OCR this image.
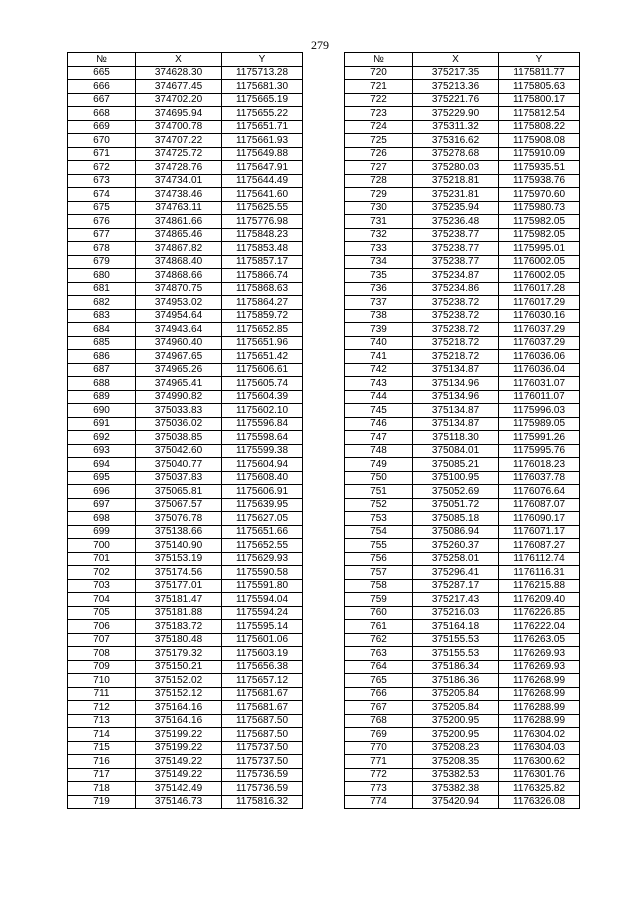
279
№	X	Y
665	374628.30	1175713.28
666	374677.45	1175681.30
667	374702.20	1175665.19
668	374695.94	1175655.22
669	374700.78	1175651.71
670	374707.22	1175661.93
671	374725.72	1175649.88
672	374728.76	1175647.91
673	374734.01	1175644.49
674	374738.46	1175641.60
675	374763.11	1175625.55
676	374861.66	1175776.98
677	374865.46	1175848.23
678	374867.82	1175853.48
679	374868.40	1175857.17
680	374868.66	1175866.74
681	374870.75	1175868.63
682	374953.02	1175864.27
683	374954.64	1175859.72
684	374943.64	1175652.85
685	374960.40	1175651.96
686	374967.65	1175651.42
687	374965.26	1175606.61
688	374965.41	1175605.74
689	374990.82	1175604.39
690	375033.83	1175602.10
691	375036.02	1175596.84
692	375038.85	1175598.64
693	375042.60	1175599.38
694	375040.77	1175604.94
695	375037.83	1175608.40
696	375065.81	1175606.91
697	375067.57	1175639.95
698	375076.78	1175627.05
699	375138.66	1175651.66
700	375140.90	1175652.55
701	375153.19	1175629.93
702	375174.56	1175590.58
703	375177.01	1175591.80
704	375181.47	1175594.04
705	375181.88	1175594.24
706	375183.72	1175595.14
707	375180.48	1175601.06
708	375179.32	1175603.19
709	375150.21	1175656.38
710	375152.02	1175657.12
711	375152.12	1175681.67
712	375164.16	1175681.67
713	375164.16	1175687.50
714	375199.22	1175687.50
715	375199.22	1175737.50
716	375149.22	1175737.50
717	375149.22	1175736.59
718	375142.49	1175736.59
719	375146.73	1175816.32
№	X	Y
720	375217.35	1175811.77
721	375213.36	1175805.63
722	375221.76	1175800.17
723	375229.90	1175812.54
724	375311.32	1175808.22
725	375316.62	1175908.08
726	375278.68	1175910.09
727	375280.03	1175935.51
728	375218.81	1175938.76
729	375231.81	1175970.60
730	375235.94	1175980.73
731	375236.48	1175982.05
732	375238.77	1175982.05
733	375238.77	1175995.01
734	375238.77	1176002.05
735	375234.87	1176002.05
736	375234.86	1176017.28
737	375238.72	1176017.29
738	375238.72	1176030.16
739	375238.72	1176037.29
740	375218.72	1176037.29
741	375218.72	1176036.06
742	375134.87	1176036.04
743	375134.96	1176031.07
744	375134.96	1176011.07
745	375134.87	1175996.03
746	375134.87	1175989.05
747	375118.30	1175991.26
748	375084.01	1175995.76
749	375085.21	1176018.23
750	375100.95	1176037.78
751	375052.69	1176076.64
752	375051.72	1176087.07
753	375085.18	1176090.17
754	375086.94	1176071.17
755	375260.37	1176087.27
756	375258.01	1176112.74
757	375296.41	1176116.31
758	375287.17	1176215.88
759	375217.43	1176209.40
760	375216.03	1176226.85
761	375164.18	1176222.04
762	375155.53	1176263.05
763	375155.53	1176269.93
764	375186.34	1176269.93
765	375186.36	1176268.99
766	375205.84	1176268.99
767	375205.84	1176288.99
768	375200.95	1176288.99
769	375200.95	1176304.02
770	375208.23	1176304.03
771	375208.35	1176300.62
772	375382.53	1176301.76
773	375382.38	1176325.82
774	375420.94	1176326.08
